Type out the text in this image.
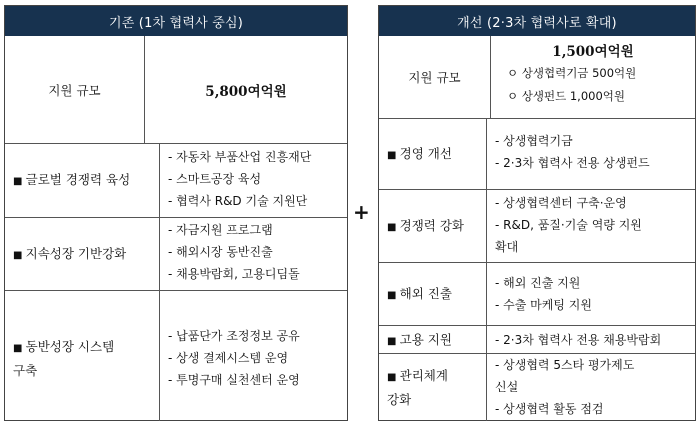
기존 (1차 협력사 중심)
지원 규모	5,800여억원
■ 글로벌 경쟁력 육성
- 자동차 부품산업 진흥재단
- 스마트공장 육성
- 협력사 R&D 기술 지원단
■ 지속성장 기반강화
- 자금지원 프로그램
- 해외시장 동반진출
- 채용박람회, 고용디딤돌
■ 동반성장 시스템
구축
- 납품단가 조정정보 공유
- 상생 결제시스템 운영
- 투명구매 실천센터 운영
+
개선 (2·3차 협력사로 확대)
지원 규모
1,500여억원
ㅇ 상생협력기금 500억원
ㅇ 상생펀드 1,000억원
■ 경영 개선
- 상생협력기금
- 2·3차 협력사 전용 상생펀드
■ 경쟁력 강화
- 상생협력센터 구축·운영
- R&D, 품질·기술 역량 지원
확대
■ 해외 진출
- 해외 진출 지원
- 수출 마케팅 지원
■ 고용 지원	- 2·3차 협력사 전용 채용박람회
■ 관리체계
강화
- 상생협력 5스타 평가제도
신설
- 상생협력 활동 점검
